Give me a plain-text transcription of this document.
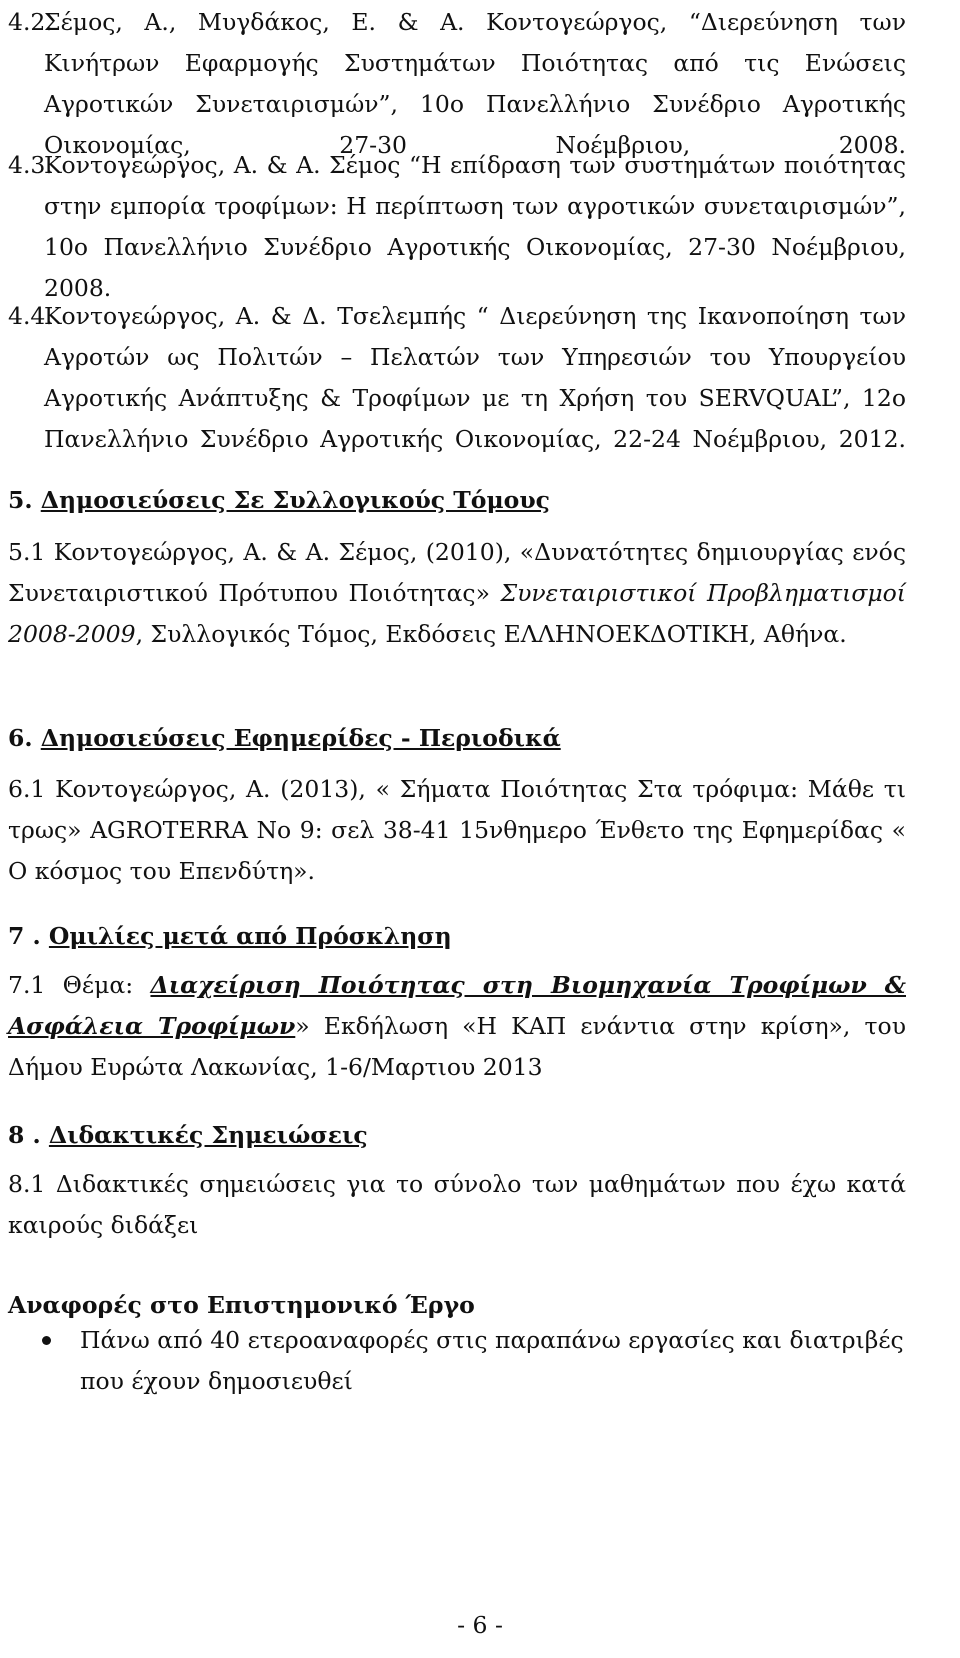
4.2.
Σέμος, Α., Μυγδάκος, Ε. & Α. Κοντογεώργος, “Διερεύνηση των Κινήτρων Εφαρμογής Συστημάτων Ποιότητας από τις Ενώσεις Αγροτικών Συνεταιρισμών”, 10ο Πανελλήνιο Συνέδριο Αγροτικής Οικονομίας, 27-30 Νοέμβριου, 2008.
4.3.
Κοντογεώργος, Α. & Α. Σέμος “Η επίδραση των συστημάτων ποιότητας στην εμπορία τροφίμων: Η περίπτωση των αγροτικών συνεταιρισμών”, 10ο Πανελλήνιο Συνέδριο Αγροτικής Οικονομίας, 27-30 Νοέμβριου, 2008.
4.4.
Κοντογεώργος, Α. & Δ. Τσελεμπής “ Διερεύνηση της Ικανοποίηση των Αγροτών ως Πολιτών – Πελατών των Υπηρεσιών του Υπουργείου Αγροτικής Ανάπτυξης & Τροφίμων με τη Χρήση του SERVQUAL”, 12ο Πανελλήνιο Συνέδριο Αγροτικής Οικονομίας, 22-24 Νοέμβριου, 2012.
5. Δημοσιεύσεις Σε Συλλογικούς Τόμους
5.1 Κοντογεώργος, Α. & Α. Σέμος, (2010), «Δυνατότητες δημιουργίας ενός Συνεταιριστικού Πρότυπου Ποιότητας» Συνεταιριστικοί Προβληματισμοί 2008-2009, Συλλογικός Τόμος, Εκδόσεις ΕΛΛΗΝΟΕΚΔΟΤΙΚΗ, Αθήνα.
6. Δημοσιεύσεις Εφημερίδες - Περιοδικά
6.1 Κοντογεώργος, Α. (2013), « Σήματα Ποιότητας Στα τρόφιμα: Μάθε τι τρως» AGROTERRA No 9: σελ 38-41 15νθημερο Ένθετο της Εφημερίδας « Ο κόσμος του Επενδύτη».
7 . Ομιλίες μετά από Πρόσκληση
7.1 Θέμα: Διαχείριση Ποιότητας στη Βιομηχανία Τροφίμων & Ασφάλεια Τροφίμων» Εκδήλωση «Η ΚΑΠ ενάντια στην κρίση», του Δήμου Ευρώτα Λακωνίας, 1-6/Μαρτιου 2013
8 . Διδακτικές Σημειώσεις
8.1 Διδακτικές σημειώσεις για το σύνολο των μαθημάτων που έχω κατά καιρούς διδάξει
Αναφορές στο Επιστημονικό Έργο
Πάνω από 40 ετεροαναφορές στις παραπάνω εργασίες και διατριβές που έχουν δημοσιευθεί
- 6 -
